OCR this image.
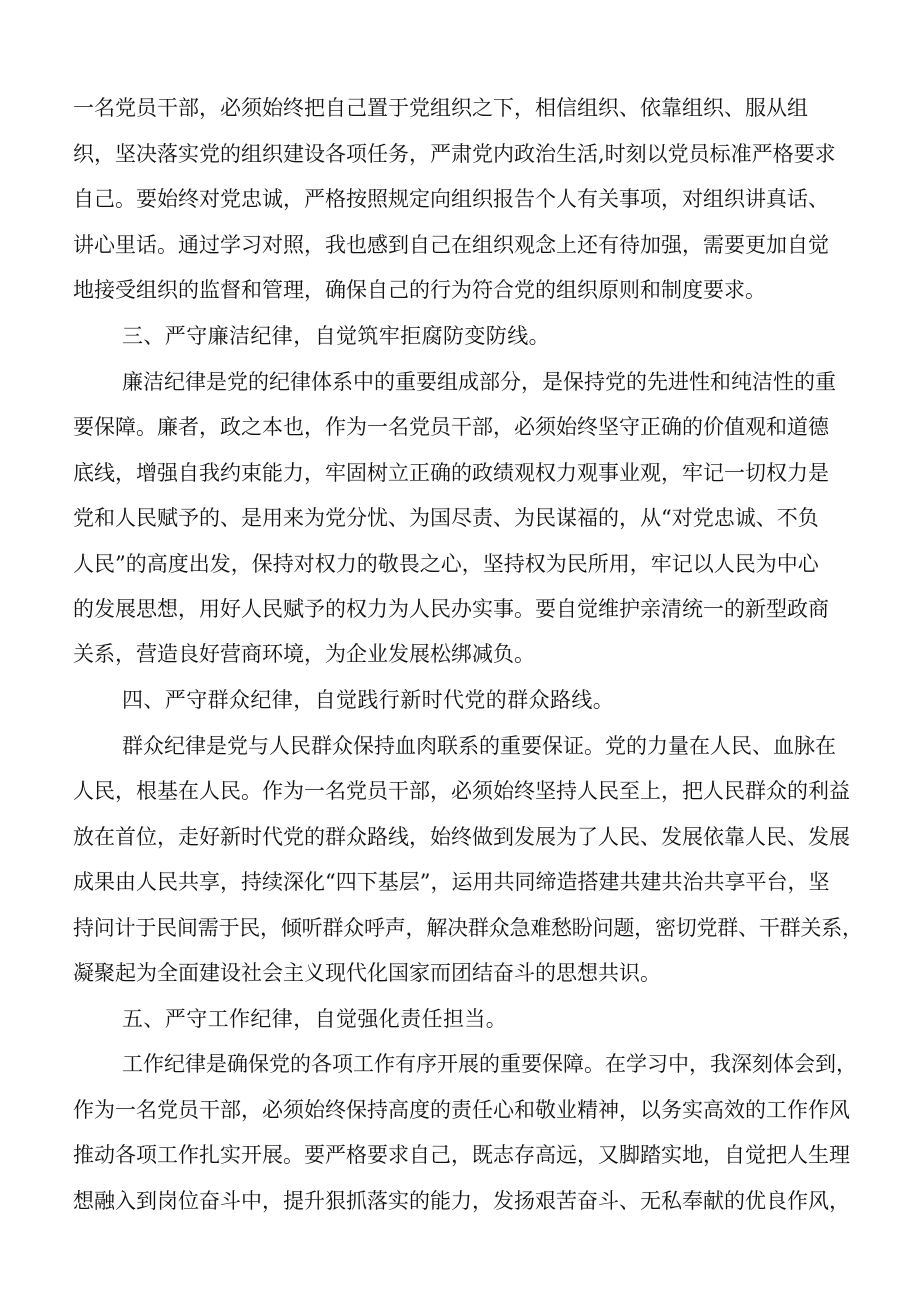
一名党员干部，必须始终把自己置于党组织之下，相信组织、依靠组织、服从组
织，坚决落实党的组织建设各项任务，严肃党内政治生活,时刻以党员标准严格要求
自己。要始终对党忠诚，严格按照规定向组织报告个人有关事项，对组织讲真话、
讲心里话。通过学习对照，我也感到自己在组织观念上还有待加强，需要更加自觉
地接受组织的监督和管理，确保自己的行为符合党的组织原则和制度要求。
三、严守廉洁纪律，自觉筑牢拒腐防变防线。
廉洁纪律是党的纪律体系中的重要组成部分，是保持党的先进性和纯洁性的重
要保障。廉者，政之本也，作为一名党员干部，必须始终坚守正确的价值观和道德
底线，增强自我约束能力，牢固树立正确的政绩观权力观事业观，牢记一切权力是
党和人民赋予的、是用来为党分忧、为国尽责、为民谋福的，从“对党忠诚、不负
人民”的高度出发，保持对权力的敬畏之心，坚持权为民所用，牢记以人民为中心
的发展思想，用好人民赋予的权力为人民办实事。要自觉维护亲清统一的新型政商
关系，营造良好营商环境，为企业发展松绑减负。
四、严守群众纪律，自觉践行新时代党的群众路线。
群众纪律是党与人民群众保持血肉联系的重要保证。党的力量在人民、血脉在
人民，根基在人民。作为一名党员干部，必须始终坚持人民至上，把人民群众的利益
放在首位，走好新时代党的群众路线，始终做到发展为了人民、发展依靠人民、发展
成果由人民共享，持续深化“四下基层”，运用共同缔造搭建共建共治共享平台，坚
持问计于民间需于民，倾听群众呼声，解决群众急难愁盼问题，密切党群、干群关系，
凝聚起为全面建设社会主义现代化国家而团结奋斗的思想共识。
五、严守工作纪律，自觉强化责任担当。
工作纪律是确保党的各项工作有序开展的重要保障。在学习中，我深刻体会到，
作为一名党员干部，必须始终保持高度的责任心和敬业精神，以务实高效的工作作风
推动各项工作扎实开展。要严格要求自己，既志存高远，又脚踏实地，自觉把人生理
想融入到岗位奋斗中，提升狠抓落实的能力，发扬艰苦奋斗、无私奉献的优良作风，
